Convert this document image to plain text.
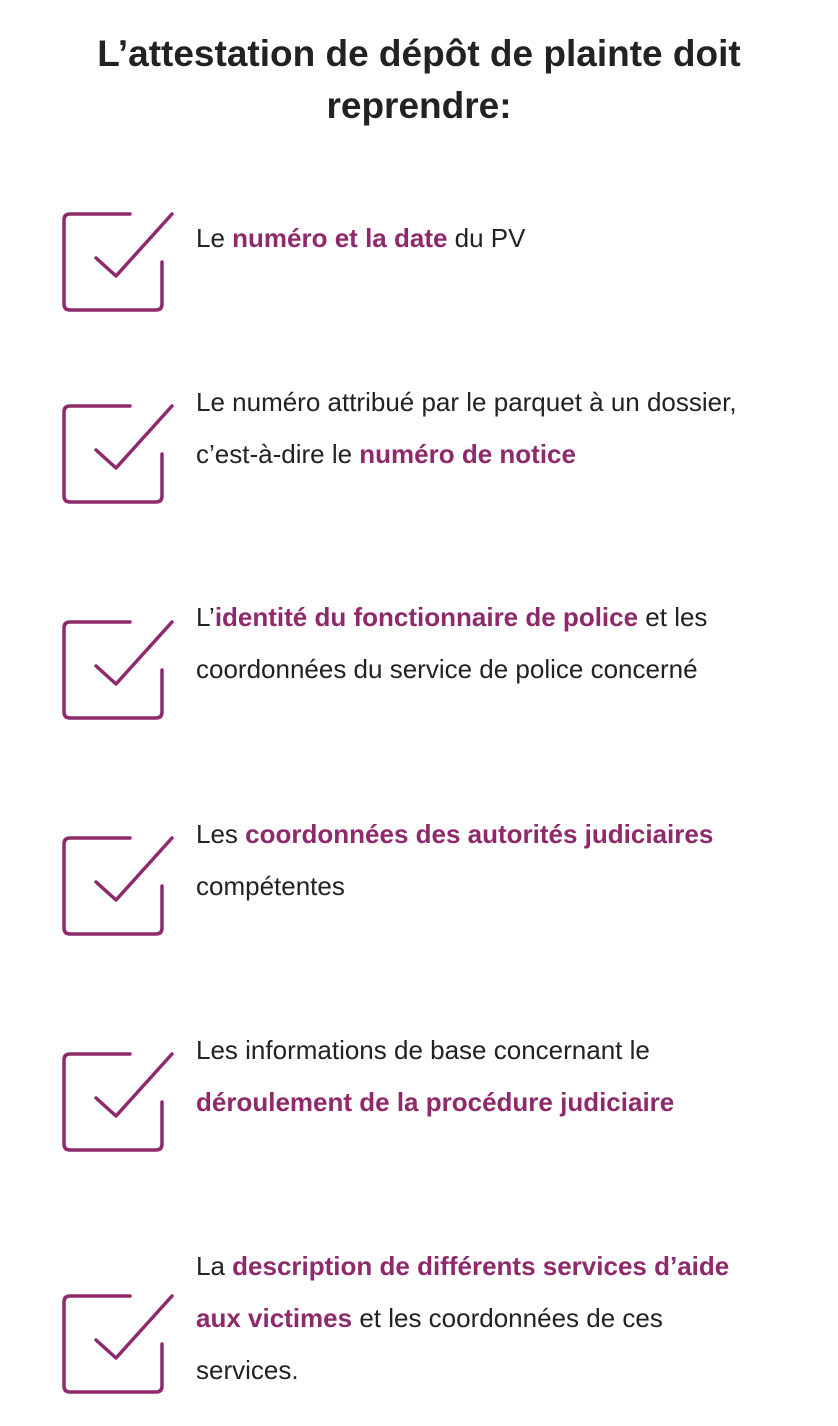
L’attestation de dépôt de plainte doit
reprendre:
Le numéro et la date du PV
Le numéro attribué par le parquet à un dossier,
c’est-à-dire le numéro de notice
L’identité du fonctionnaire de police et les
coordonnées du service de police concerné
Les coordonnées des autorités judiciaires
compétentes
Les informations de base concernant le
déroulement de la procédure judiciaire
La description de différents services d’aide
aux victimes et les coordonnées de ces
services.
